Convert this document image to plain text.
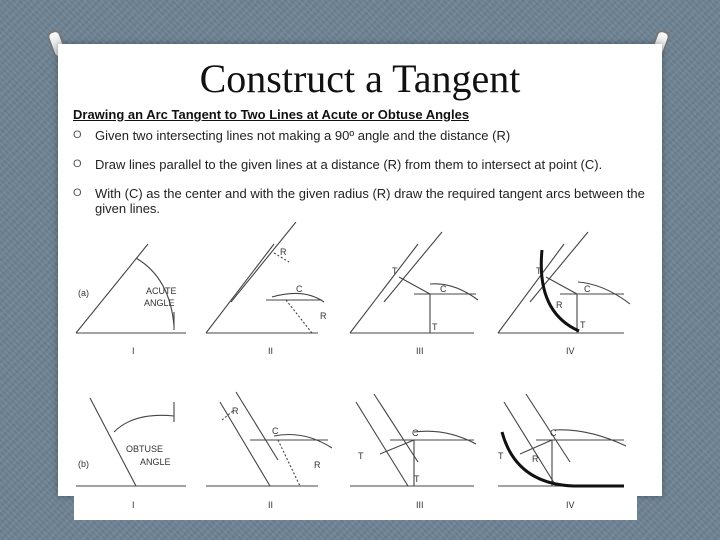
Construct a Tangent

Drawing an Arc Tangent to Two Lines at Acute or Obtuse Angles

O Given two intersecting lines not making a 90º angle and the distance (R)
O Draw lines parallel to the given lines at a distance (R) from them to intersect at point (C).
O With (C) as the center and with the given radius (R) draw the required tangent arcs between the given lines.
(a)	ACUTE
ANGLE
(b)
OBTUSE
ANGLE
I	II	III	IV
I	II	III	IV
R
C
R
T
C
T
T
R
C
T
R
C
R
C
T
T
C
T	R
